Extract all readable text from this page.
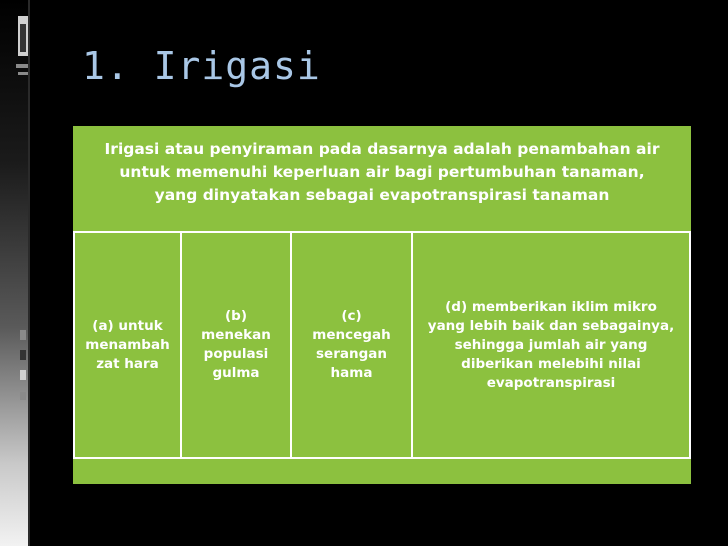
1. Irigasi
Irigasi atau penyiraman pada dasarnya adalah penambahan air
untuk memenuhi keperluan air bagi pertumbuhan tanaman,
yang dinyatakan sebagai evapotranspirasi tanaman
(a) untuk
menambah
zat hara
(b)
menekan
populasi
gulma
(c)
mencegah
serangan
hama
(d) memberikan iklim mikro
yang lebih baik dan sebagainya,
sehingga jumlah air yang
diberikan melebihi nilai
evapotranspirasi
